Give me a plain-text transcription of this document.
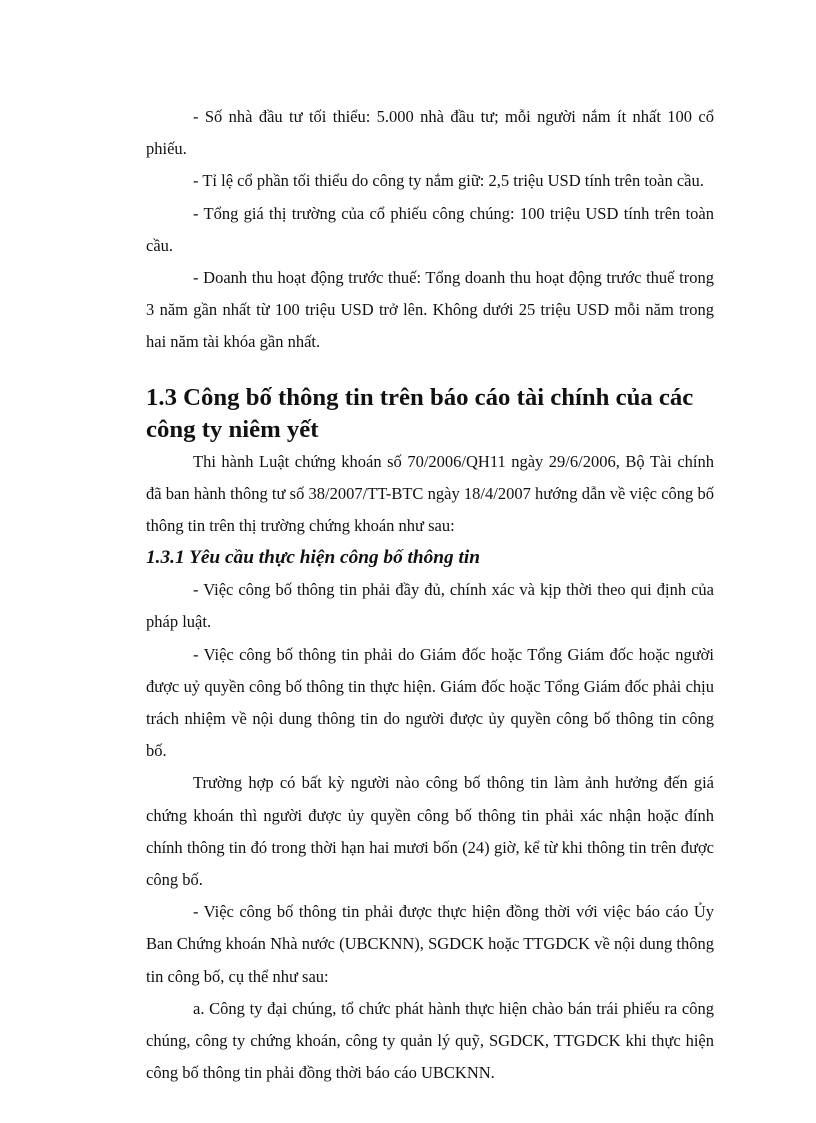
- Số nhà đầu tư tối thiểu: 5.000 nhà đầu tư; mỗi người nắm ít nhất 100 cổ phiếu.

- Tỉ lệ cổ phần tối thiểu do công ty nắm giữ: 2,5 triệu USD tính trên toàn cầu.

- Tổng giá thị trường của cổ phiếu công chúng: 100 triệu USD tính trên toàn cầu.

- Doanh thu hoạt động trước thuế: Tổng doanh thu hoạt động trước thuế trong 3 năm gần nhất từ 100 triệu USD trở lên. Không dưới 25 triệu USD mỗi năm trong hai năm tài khóa gần nhất.

1.3 Công bố thông tin trên báo cáo tài chính của các công ty niêm yết

Thi hành Luật chứng khoán số 70/2006/QH11 ngày 29/6/2006, Bộ Tài chính đã ban hành thông tư số 38/2007/TT-BTC ngày 18/4/2007 hướng dẫn về việc công bố thông tin trên thị trường chứng khoán như sau:

1.3.1 Yêu cầu thực hiện công bố thông tin

- Việc công bố thông tin phải đầy đủ, chính xác và kịp thời theo qui định của pháp luật.

- Việc công bố thông tin phải do Giám đốc hoặc Tổng Giám đốc hoặc người được uỷ quyền công bố thông tin thực hiện. Giám đốc hoặc Tổng Giám đốc phải chịu trách nhiệm về nội dung thông tin do người được ủy quyền công bố thông tin công bố.

Trường hợp có bất kỳ người nào công bố thông tin làm ảnh hưởng đến giá chứng khoán thì người được ủy quyền công bố thông tin phải xác nhận hoặc đính chính thông tin đó trong thời hạn hai mươi bốn (24) giờ, kể từ khi thông tin trên được công bố.

- Việc công bố thông tin phải được thực hiện đồng thời với việc báo cáo Ủy Ban Chứng khoán Nhà nước (UBCKNN), SGDCK hoặc TTGDCK về nội dung thông tin công bố, cụ thể như sau:

a. Công ty đại chúng, tổ chức phát hành thực hiện chào bán trái phiếu ra công chúng, công ty chứng khoán, công ty quản lý quỹ, SGDCK, TTGDCK khi thực hiện công bố thông tin phải đồng thời báo cáo UBCKNN.
